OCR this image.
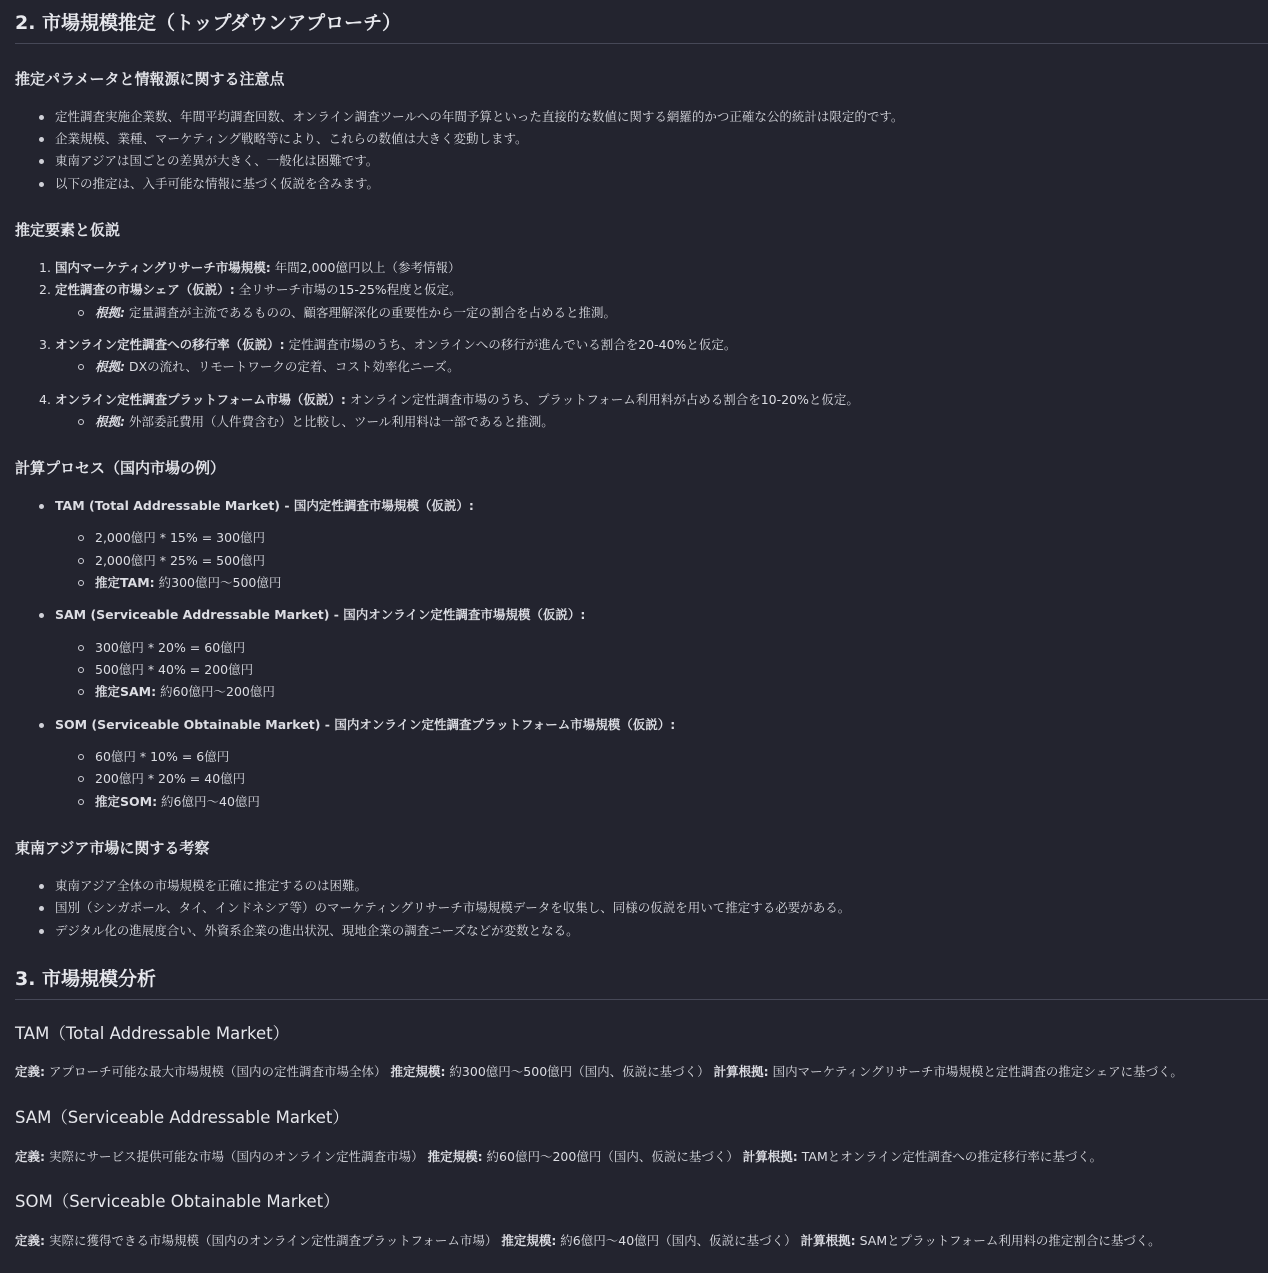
2. 市場規模推定（トップダウンアプローチ）
推定パラメータと情報源に関する注意点
定性調査実施企業数、年間平均調査回数、オンライン調査ツールへの年間予算といった直接的な数値に関する網羅的かつ正確な公的統計は限定的です。
企業規模、業種、マーケティング戦略等により、これらの数値は大きく変動します。
東南アジアは国ごとの差異が大きく、一般化は困難です。
以下の推定は、入手可能な情報に基づく仮説を含みます。
推定要素と仮説
1. 国内マーケティングリサーチ市場規模: 年間2,000億円以上（参考情報）
2. 定性調査の市場シェア（仮説）: 全リサーチ市場の15-25%程度と仮定。
根拠: 定量調査が主流であるものの、顧客理解深化の重要性から一定の割合を占めると推測。
3. オンライン定性調査への移行率（仮説）: 定性調査市場のうち、オンラインへの移行が進んでいる割合を20-40%と仮定。
根拠: DXの流れ、リモートワークの定着、コスト効率化ニーズ。
4. オンライン定性調査プラットフォーム市場（仮説）: オンライン定性調査市場のうち、プラットフォーム利用料が占める割合を10-20%と仮定。
根拠: 外部委託費用（人件費含む）と比較し、ツール利用料は一部であると推測。
計算プロセス（国内市場の例）
TAM (Total Addressable Market) - 国内定性調査市場規模（仮説）:
2,000億円 * 15% = 300億円
2,000億円 * 25% = 500億円
推定TAM: 約300億円〜500億円
SAM (Serviceable Addressable Market) - 国内オンライン定性調査市場規模（仮説）:
300億円 * 20% = 60億円
500億円 * 40% = 200億円
推定SAM: 約60億円〜200億円
SOM (Serviceable Obtainable Market) - 国内オンライン定性調査プラットフォーム市場規模（仮説）:
60億円 * 10% = 6億円
200億円 * 20% = 40億円
推定SOM: 約6億円〜40億円
東南アジア市場に関する考察
東南アジア全体の市場規模を正確に推定するのは困難。
国別（シンガポール、タイ、インドネシア等）のマーケティングリサーチ市場規模データを収集し、同様の仮説を用いて推定する必要がある。
デジタル化の進展度合い、外資系企業の進出状況、現地企業の調査ニーズなどが変数となる。
3. 市場規模分析
TAM（Total Addressable Market）
定義: アプローチ可能な最大市場規模（国内の定性調査市場全体） 推定規模: 約300億円〜500億円（国内、仮説に基づく） 計算根拠: 国内マーケティングリサーチ市場規模と定性調査の推定シェアに基づく。
SAM（Serviceable Addressable Market）
定義: 実際にサービス提供可能な市場（国内のオンライン定性調査市場） 推定規模: 約60億円〜200億円（国内、仮説に基づく） 計算根拠: TAMとオンライン定性調査への推定移行率に基づく。
SOM（Serviceable Obtainable Market）
定義: 実際に獲得できる市場規模（国内のオンライン定性調査プラットフォーム市場） 推定規模: 約6億円〜40億円（国内、仮説に基づく） 計算根拠: SAMとプラットフォーム利用料の推定割合に基づく。
